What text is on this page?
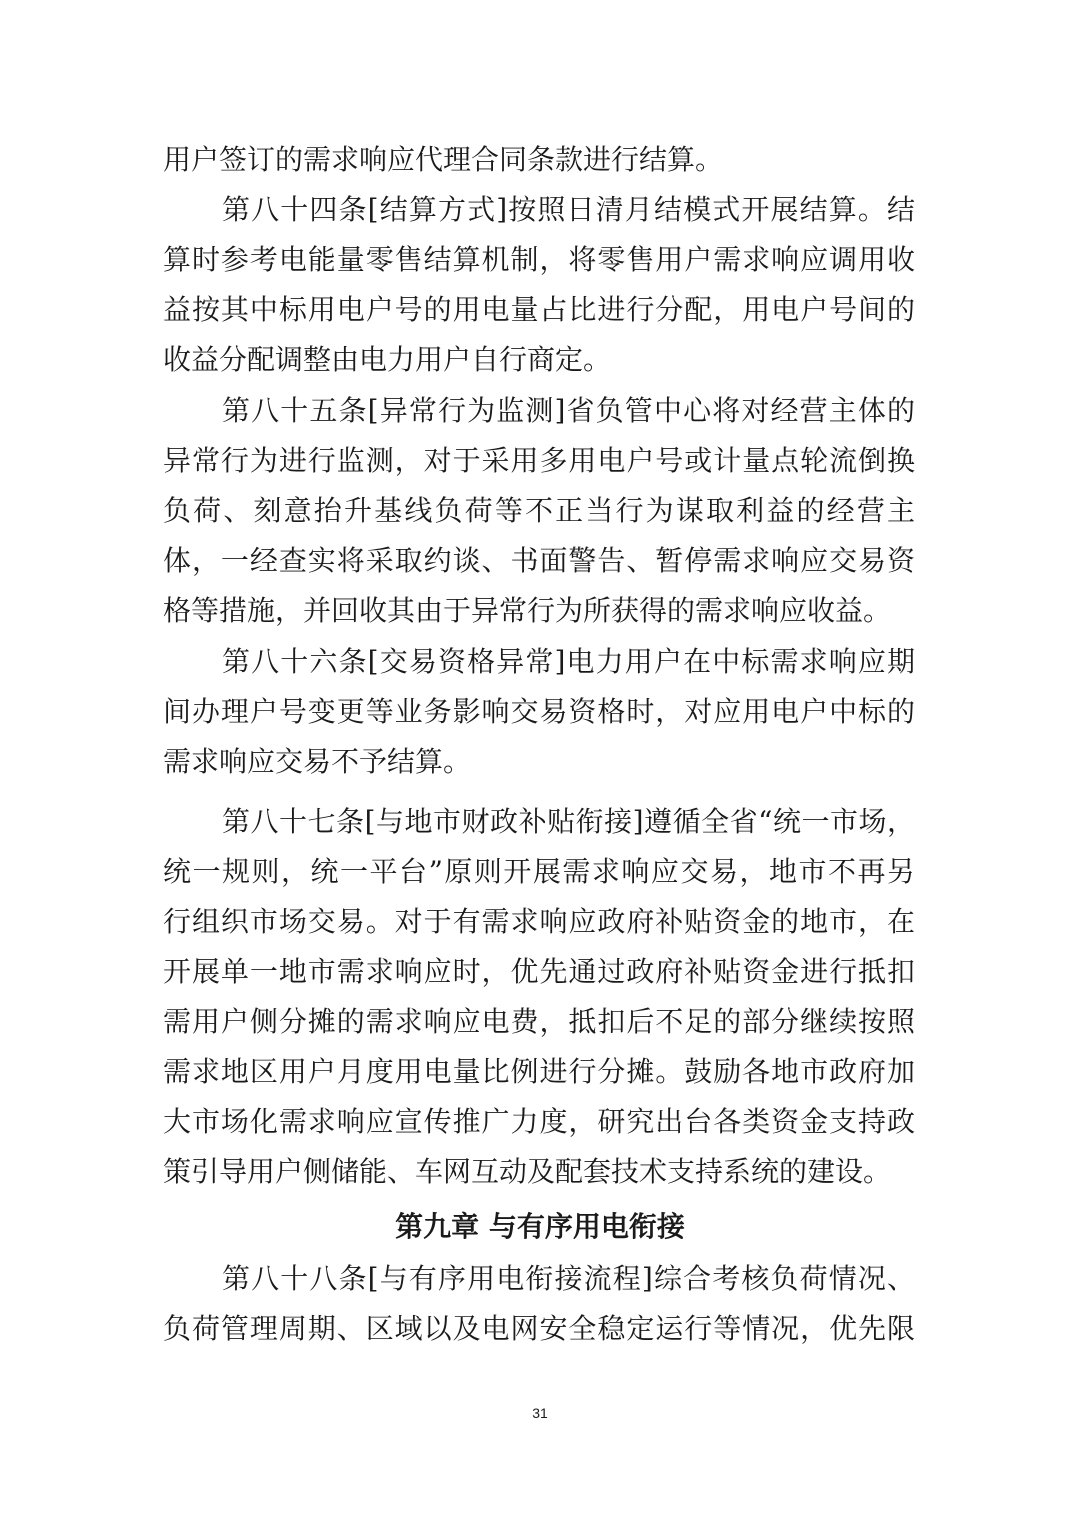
用户签订的需求响应代理合同条款进行结算。
第八十四条[结算方式]按照日清月结模式开展结算。结
算时参考电能量零售结算机制，将零售用户需求响应调用收
益按其中标用电户号的用电量占比进行分配，用电户号间的
收益分配调整由电力用户自行商定。
第八十五条[异常行为监测]省负管中心将对经营主体的
异常行为进行监测，对于采用多用电户号或计量点轮流倒换
负荷、刻意抬升基线负荷等不正当行为谋取利益的经营主
体，一经查实将采取约谈、书面警告、暂停需求响应交易资
格等措施，并回收其由于异常行为所获得的需求响应收益。
第八十六条[交易资格异常]电力用户在中标需求响应期
间办理户号变更等业务影响交易资格时，对应用电户中标的
需求响应交易不予结算。
第八十七条[与地市财政补贴衔接]遵循全省“统一市场，
统一规则，统一平台”原则开展需求响应交易，地市不再另
行组织市场交易。对于有需求响应政府补贴资金的地市，在
开展单一地市需求响应时，优先通过政府补贴资金进行抵扣
需用户侧分摊的需求响应电费，抵扣后不足的部分继续按照
需求地区用户月度用电量比例进行分摊。鼓励各地市政府加
大市场化需求响应宣传推广力度，研究出台各类资金支持政
策引导用户侧储能、车网互动及配套技术支持系统的建设。
第九章 与有序用电衔接
第八十八条[与有序用电衔接流程]综合考核负荷情况、
负荷管理周期、区域以及电网安全稳定运行等情况，优先限
31
